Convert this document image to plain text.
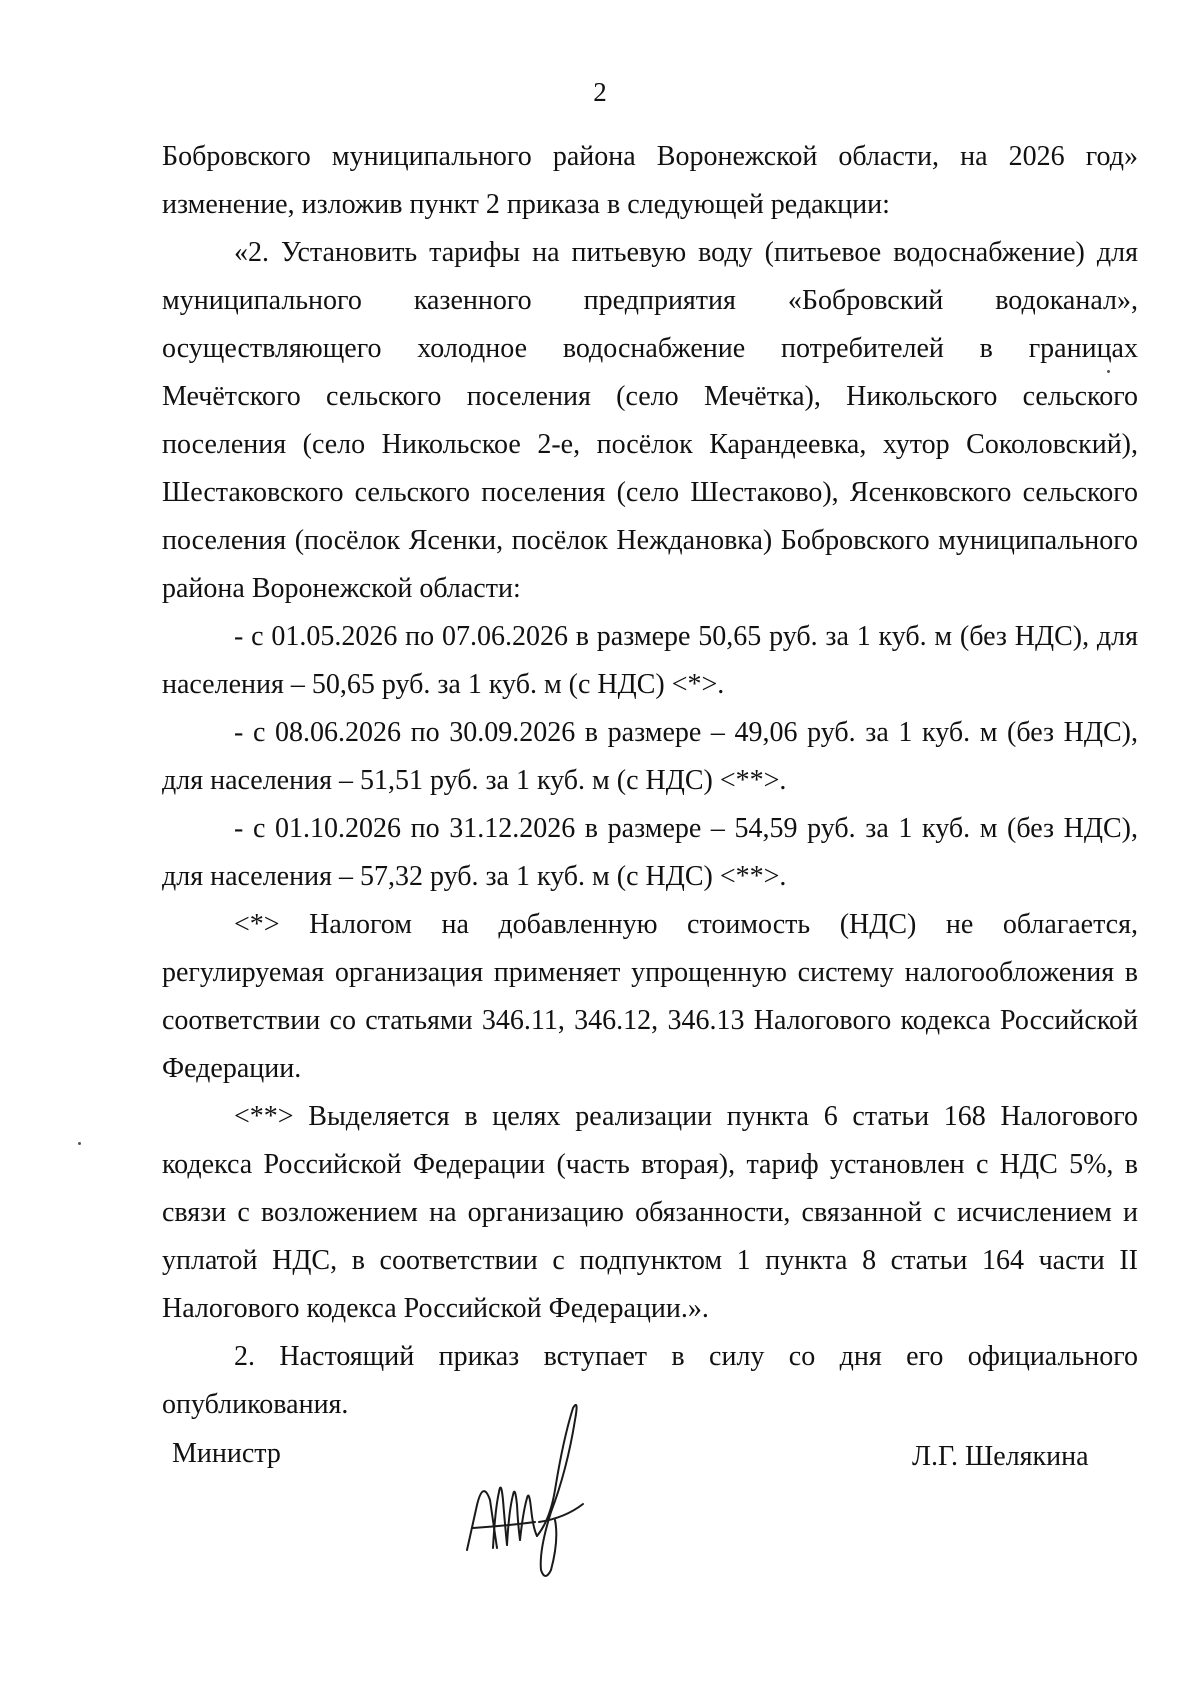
2

Бобровского муниципального района Воронежской области, на 2026 год» изменение, изложив пункт 2 приказа в следующей редакции:

«2. Установить тарифы на питьевую воду (питьевое водоснабжение) для муниципального казенного предприятия «Бобровский водоканал», осуществляющего холодное водоснабжение потребителей в границах Мечётского сельского поселения (село Мечётка), Никольского сельского поселения (село Никольское 2-е, посёлок Карандеевка, хутор Соколовский), Шестаковского сельского поселения (село Шестаково), Ясенковского сельского поселения (посёлок Ясенки, посёлок Неждановка) Бобровского муниципального района Воронежской области:

- с 01.05.2026 по 07.06.2026 в размере 50,65 руб. за 1 куб. м (без НДС), для населения – 50,65 руб. за 1 куб. м (с НДС) <*>.

- с 08.06.2026 по 30.09.2026 в размере – 49,06 руб. за 1 куб. м (без НДС), для населения – 51,51 руб. за 1 куб. м (с НДС) <**>.

- с 01.10.2026 по 31.12.2026 в размере – 54,59 руб. за 1 куб. м (без НДС), для населения – 57,32 руб. за 1 куб. м (с НДС) <**>.

<*> Налогом на добавленную стоимость (НДС) не облагается, регулируемая организация применяет упрощенную систему налогообложения в соответствии со статьями 346.11, 346.12, 346.13 Налогового кодекса Российской Федерации.

<**> Выделяется в целях реализации пункта 6 статьи 168 Налогового кодекса Российской Федерации (часть вторая), тариф установлен с НДС 5%, в связи с возложением на организацию обязанности, связанной с исчислением и уплатой НДС, в соответствии с подпунктом 1 пункта 8 статьи 164 части II Налогового кодекса Российской Федерации.».

2. Настоящий приказ вступает в силу со дня его официального опубликования.

Министр	Л.Г. Шелякина
